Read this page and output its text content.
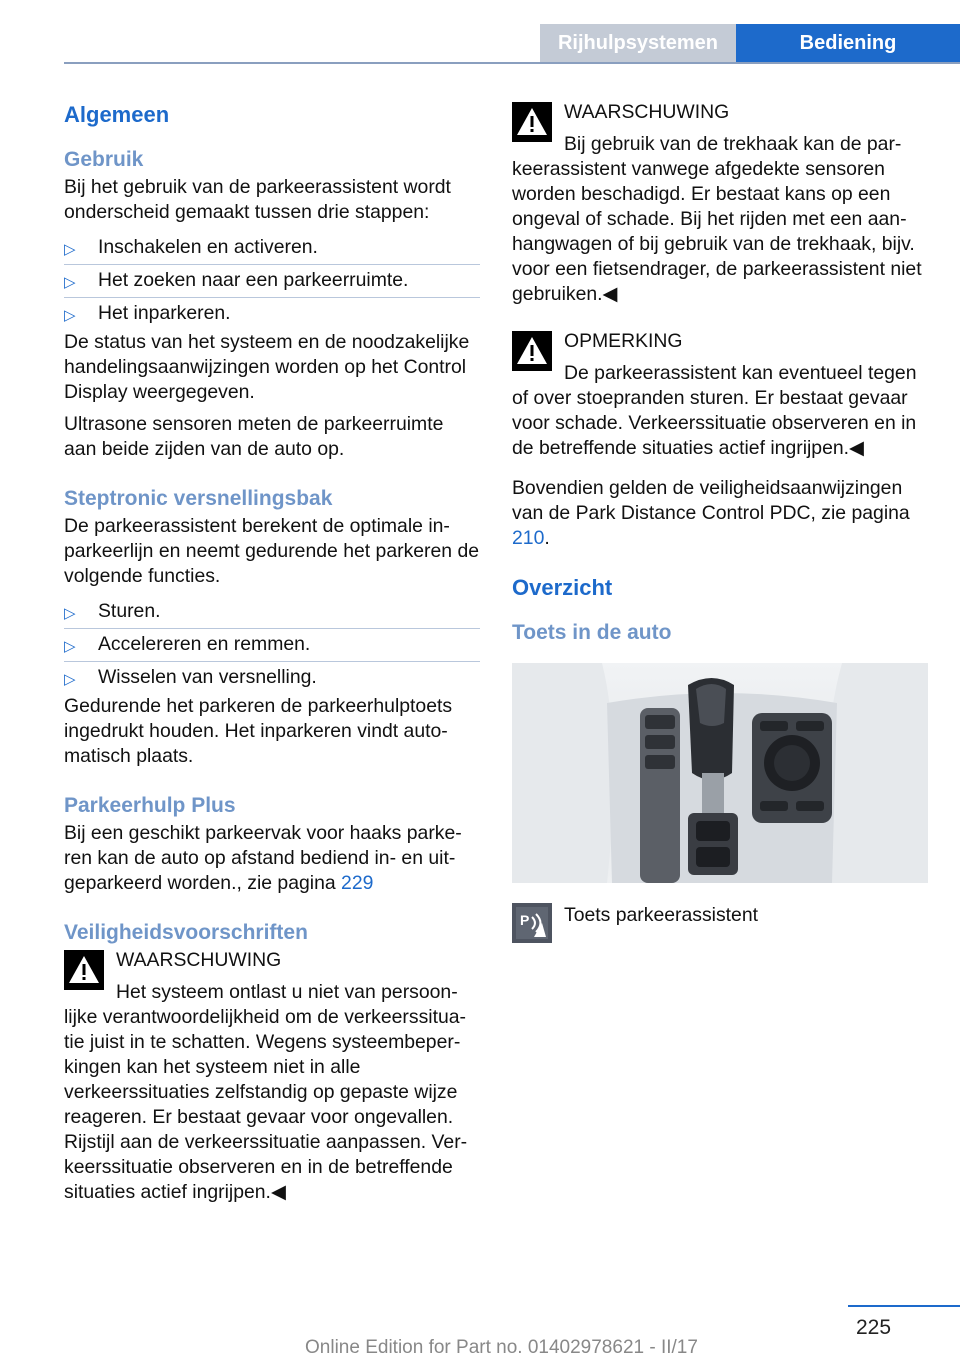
Rijhulpsystemen	Bediening
Algemeen
Gebruik

Bij het gebruik van de parkeerassistent wordt onderscheid gemaakt tussen drie stappen:

▷ Inschakelen en activeren.
▷ Het zoeken naar een parkeerruimte.
▷ Het inparkeren.

De status van het systeem en de noodzakelijke handelingsaanwijzingen worden op het Control Display weergegeven.

Ultrasone sensoren meten de parkeerruimte aan beide zijden van de auto op.

Steptronic versnellingsbak

De parkeerassistent berekent de optimale inparkeerlijn en neemt gedurende het parkeren de volgende functies.

▷ Sturen.
▷ Accelereren en remmen.
▷ Wisselen van versnelling.

Gedurende het parkeren de parkeerhulptoets ingedrukt houden. Het inparkeren vindt automatisch plaats.

Parkeerhulp Plus

Bij een geschikt parkeervak voor haaks parkeren kan de auto op afstand bediend in- en uitgeparkeerd worden., zie pagina 229

Veiligheidsvoorschriften
WAARSCHUWING

Het systeem ontlast u niet van persoonlijke verantwoordelijkheid om de verkeerssituatie juist in te schatten. Wegens systeembeperkingen kan het systeem niet in alle verkeerssituaties zelfstandig op gepaste wijze reageren. Er bestaat gevaar voor ongevallen. Rijstijl aan de verkeerssituatie aanpassen. Verkeerssituatie observeren en in de betreffende situaties actief ingrijpen.◀

WAARSCHUWING

Bij gebruik van de trekhaak kan de parkeerassistent vanwege afgedekte sensoren worden beschadigd. Er bestaat kans op een ongeval of schade. Bij het rijden met een aanhangwagen of bij gebruik van de trekhaak, bijv. voor een fietsendrager, de parkeerassistent niet gebruiken.◀

OPMERKING

De parkeerassistent kan eventueel tegen of over stoepranden sturen. Er bestaat gevaar voor schade. Verkeerssituatie observeren en in de betreffende situaties actief ingrijpen.◀

Bovendien gelden de veiligheidsaanwijzingen van de Park Distance Control PDC, zie pagina 210.

Overzicht
Toets in de auto
P Toets parkeerassistent
225
Online Edition for Part no. 01402978621 - II/17
